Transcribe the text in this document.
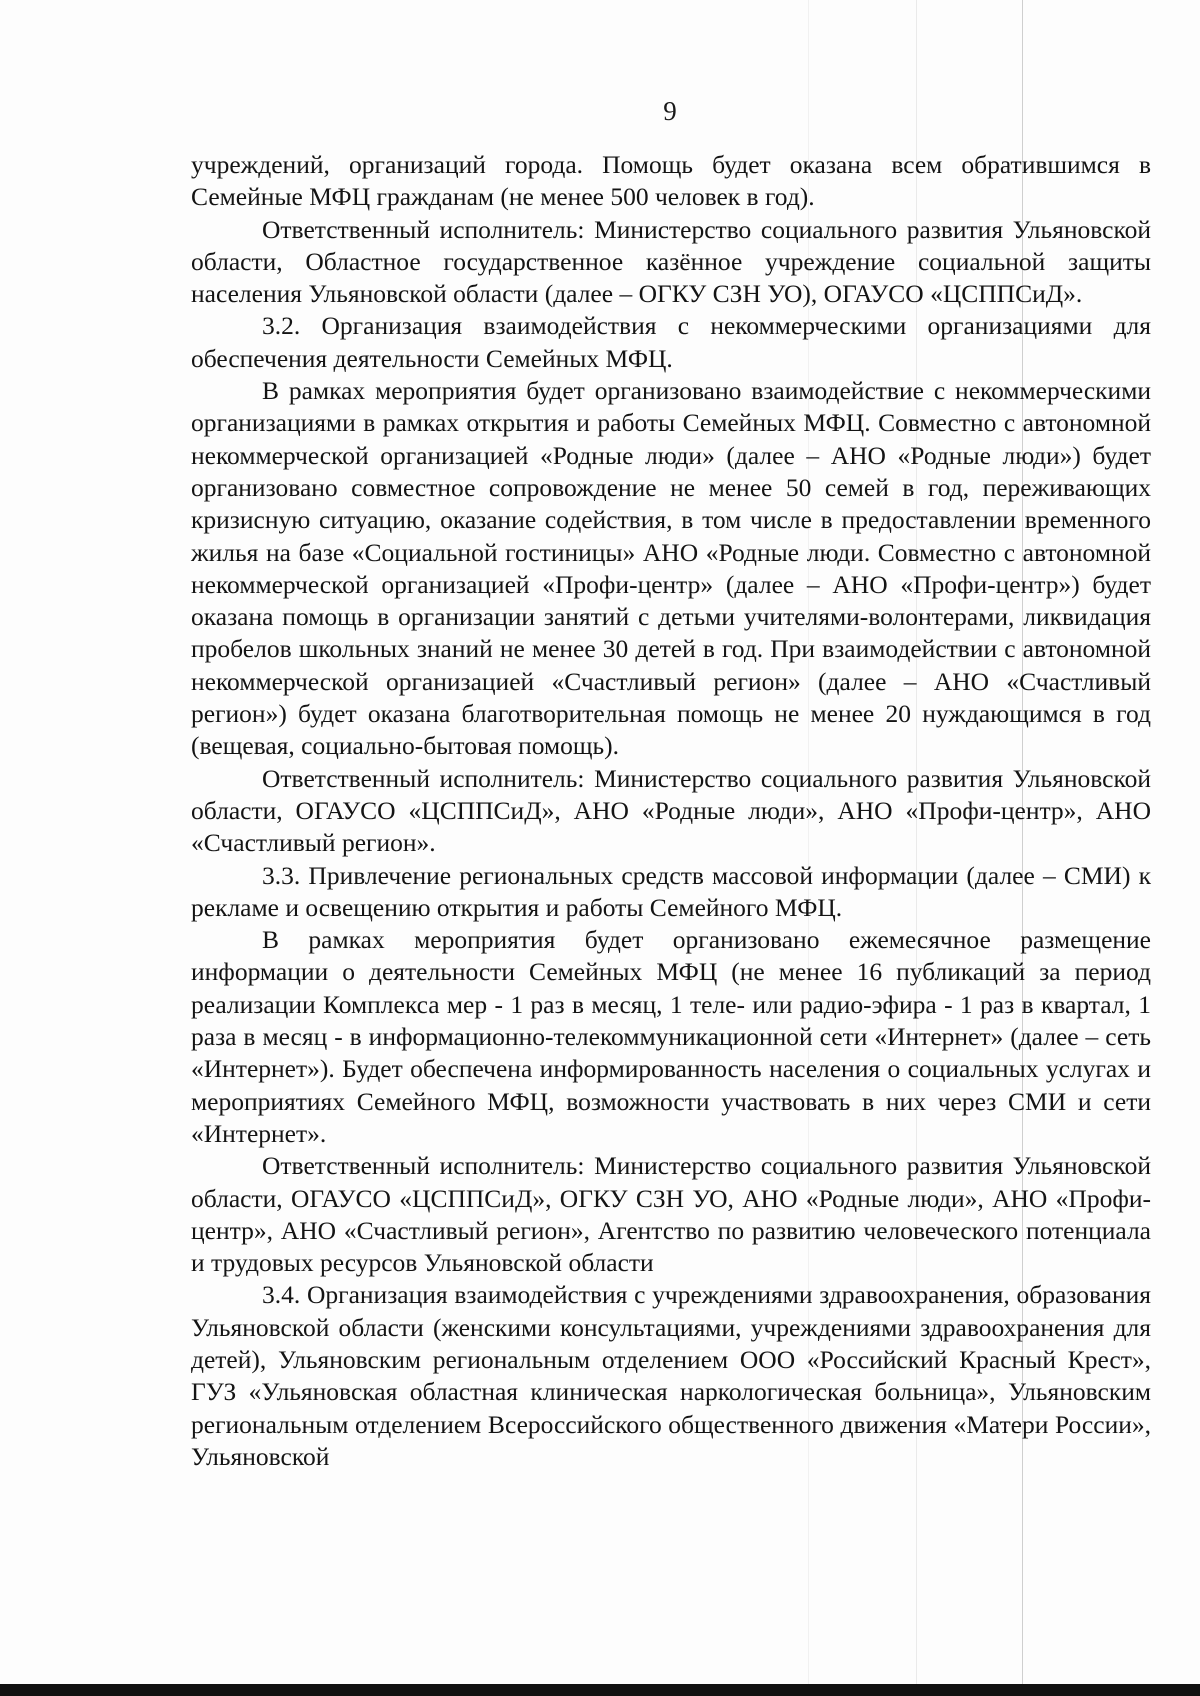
9

учреждений, организаций города. Помощь будет оказана всем обратившимся в Семейные МФЦ гражданам (не менее 500 человек в год).

Ответственный исполнитель: Министерство социального развития Ульяновской области, Областное государственное казённое учреждение социальной защиты населения Ульяновской области (далее – ОГКУ СЗН УО), ОГАУСО «ЦСППСиД».

3.2. Организация взаимодействия с некоммерческими организациями для обеспечения деятельности Семейных МФЦ.

В рамках мероприятия будет организовано взаимодействие с некоммерческими организациями в рамках открытия и работы Семейных МФЦ. Совместно с автономной некоммерческой организацией «Родные люди» (далее – АНО «Родные люди») будет организовано совместное сопровождение не менее 50 семей в год, переживающих кризисную ситуацию, оказание содействия, в том числе в предоставлении временного жилья на базе «Социальной гостиницы» АНО «Родные люди. Совместно с автономной некоммерческой организацией «Профи-центр» (далее – АНО «Профи-центр») будет оказана помощь в организации занятий с детьми учителями-волонтерами, ликвидация пробелов школьных знаний не менее 30 детей в год. При взаимодействии с автономной некоммерческой организацией «Счастливый регион» (далее – АНО «Счастливый регион») будет оказана благотворительная помощь не менее 20 нуждающимся в год (вещевая, социально-бытовая помощь).

Ответственный исполнитель: Министерство социального развития Ульяновской области, ОГАУСО «ЦСППСиД», АНО «Родные люди», АНО «Профи-центр», АНО «Счастливый регион».

3.3. Привлечение региональных средств массовой информации (далее – СМИ) к рекламе и освещению открытия и работы Семейного МФЦ.

В рамках мероприятия будет организовано ежемесячное размещение информации о деятельности Семейных МФЦ (не менее 16 публикаций за период реализации Комплекса мер - 1 раз в месяц, 1 теле- или радио-эфира - 1 раз в квартал, 1 раза в месяц - в информационно-телекоммуникационной сети «Интернет» (далее – сеть «Интернет»). Будет обеспечена информированность населения о социальных услугах и мероприятиях Семейного МФЦ, возможности участвовать в них через СМИ и сети «Интернет».

Ответственный исполнитель: Министерство социального развития Ульяновской области, ОГАУСО «ЦСППСиД», ОГКУ СЗН УО, АНО «Родные люди», АНО «Профи-центр», АНО «Счастливый регион», Агентство по развитию человеческого потенциала и трудовых ресурсов Ульяновской области

3.4. Организация взаимодействия с учреждениями здравоохранения, образования Ульяновской области (женскими консультациями, учреждениями здравоохранения для детей), Ульяновским региональным отделением ООО «Российский Красный Крест», ГУЗ «Ульяновская областная клиническая наркологическая больница», Ульяновским региональным отделением Всероссийского общественного движения «Матери России», Ульяновской
